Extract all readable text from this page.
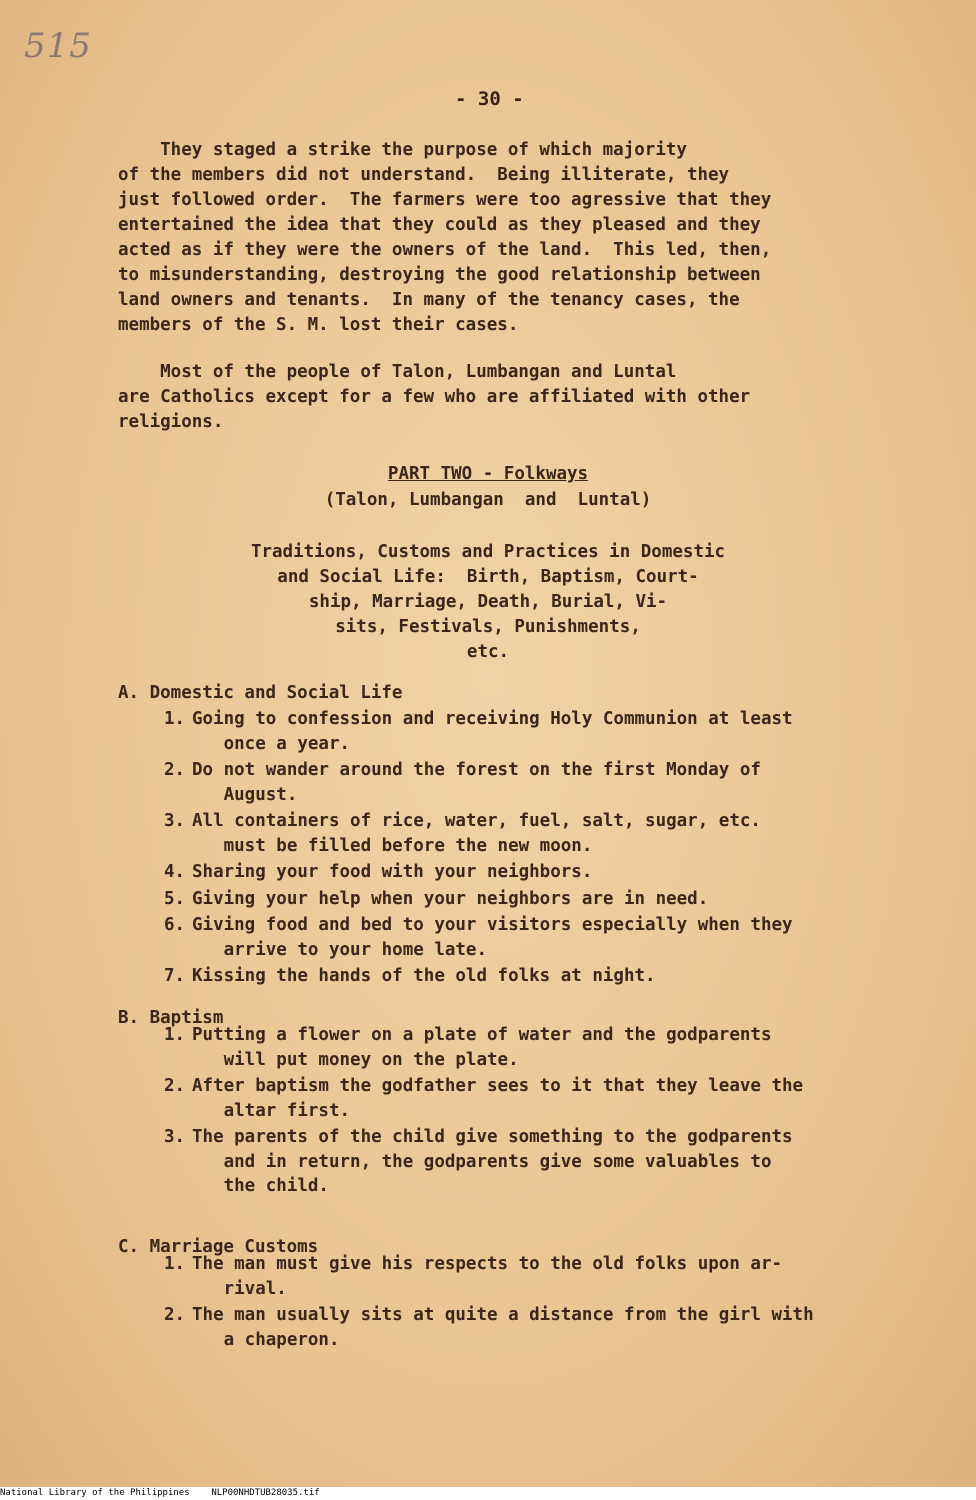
515
- 30 -
They staged a strike the purpose of which majority
of the members did not understand.  Being illiterate, they
just followed order.  The farmers were too agressive that they
entertained the idea that they could as they pleased and they
acted as if they were the owners of the land.  This led, then,
to misunderstanding, destroying the good relationship between
land owners and tenants.  In many of the tenancy cases, the
members of the S. M. lost their cases.
Most of the people of Talon, Lumbangan and Luntal
are Catholics except for a few who are affiliated with other
religions.
PART TWO - Folkways
(Talon, Lumbangan  and  Luntal)
Traditions, Customs and Practices in Domestic
and Social Life:  Birth, Baptism, Court-
ship, Marriage, Death, Burial, Vi-
sits, Festivals, Punishments,
etc.
A. Domestic and Social Life
1. Going to confession and receiving Holy Communion at least
once a year.
2. Do not wander around the forest on the first Monday of
August.
3. All containers of rice, water, fuel, salt, sugar, etc.
must be filled before the new moon.
4. Sharing your food with your neighbors.
5. Giving your help when your neighbors are in need.
6. Giving food and bed to your visitors especially when they
arrive to your home late.
7. Kissing the hands of the old folks at night.
B. Baptism
1. Putting a flower on a plate of water and the godparents
will put money on the plate.
2. After baptism the godfather sees to it that they leave the
altar first.
3. The parents of the child give something to the godparents
and in return, the godparents give some valuables to
the child.
C. Marriage Customs
1. The man must give his respects to the old folks upon ar-
rival.
2. The man usually sits at quite a distance from the girl with
a chaperon.
National Library of the Philippines    NLP00NHDTUB28035.tif
